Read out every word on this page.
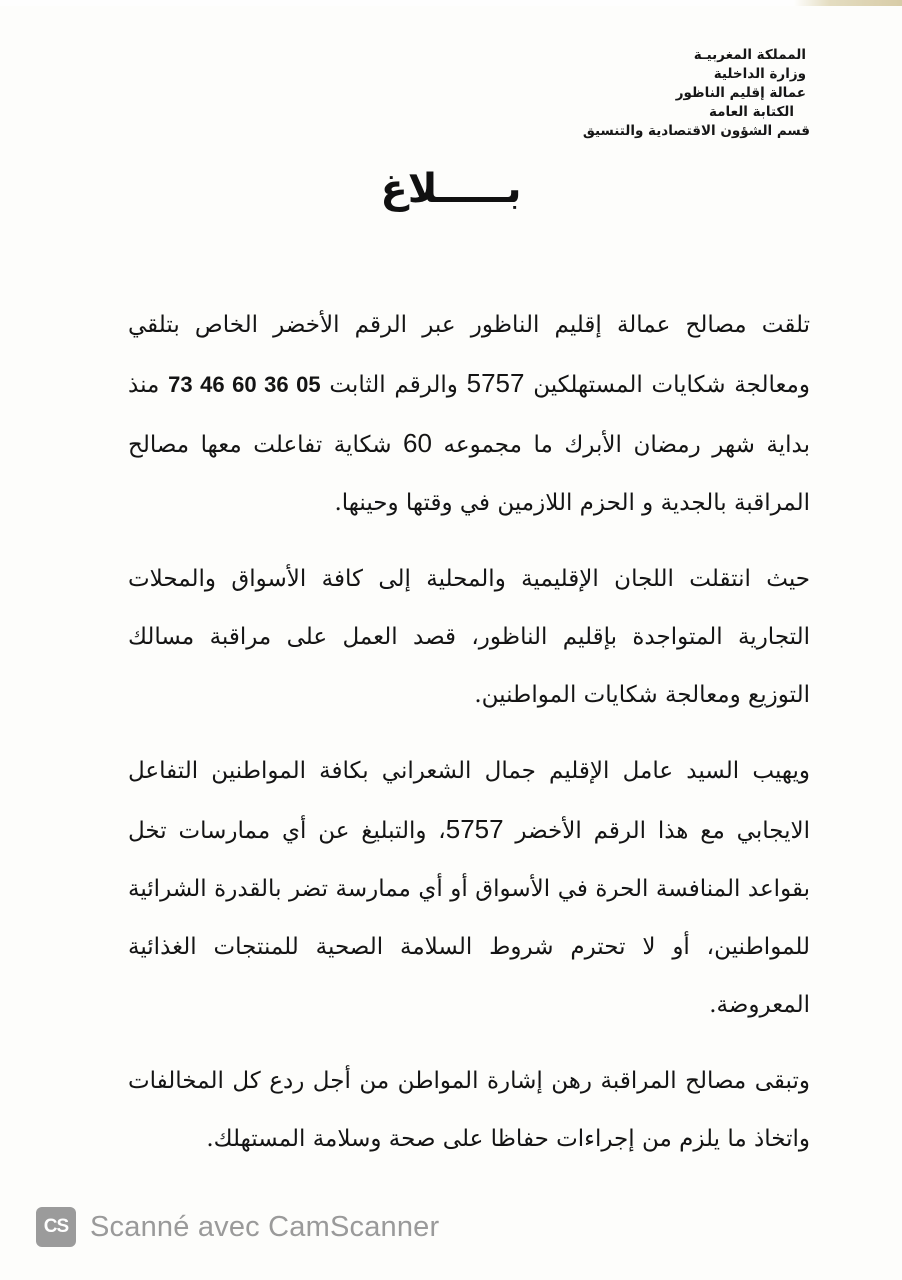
المملكة المغربيـة
وزارة الداخلية
عمالة إقليم الناظور
الكتابة العامة
قسم الشؤون الاقتصادية والتنسيق
بـــــلاغ

تلقت مصالح عمالة إقليم الناظور عبر الرقم الأخضر الخاص بتلقي ومعالجة شكايات المستهلكين 5757 والرقم الثابت 73 46 60 36 05 منذ بداية شهر رمضان الأبرك ما مجموعه 60 شكاية تفاعلت معها مصالح المراقبة بالجدية و الحزم اللازمين في وقتها وحينها.

حيث انتقلت اللجان الإقليمية والمحلية إلى كافة الأسواق والمحلات التجارية المتواجدة بإقليم الناظور، قصد العمل على مراقبة مسالك التوزيع ومعالجة شكايات المواطنين.

ويهيب السيد عامل الإقليم جمال الشعراني بكافة المواطنين التفاعل الايجابي مع هذا الرقم الأخضر 5757، والتبليغ عن أي ممارسات تخل بقواعد المنافسة الحرة في الأسواق أو أي ممارسة تضر بالقدرة الشرائية للمواطنين، أو لا تحترم شروط السلامة الصحية للمنتجات الغذائية المعروضة.

وتبقى مصالح المراقبة رهن إشارة المواطن من أجل ردع كل المخالفات واتخاذ ما يلزم من إجراءات حفاظا على صحة وسلامة المستهلك.

CS Scanné avec CamScanner
